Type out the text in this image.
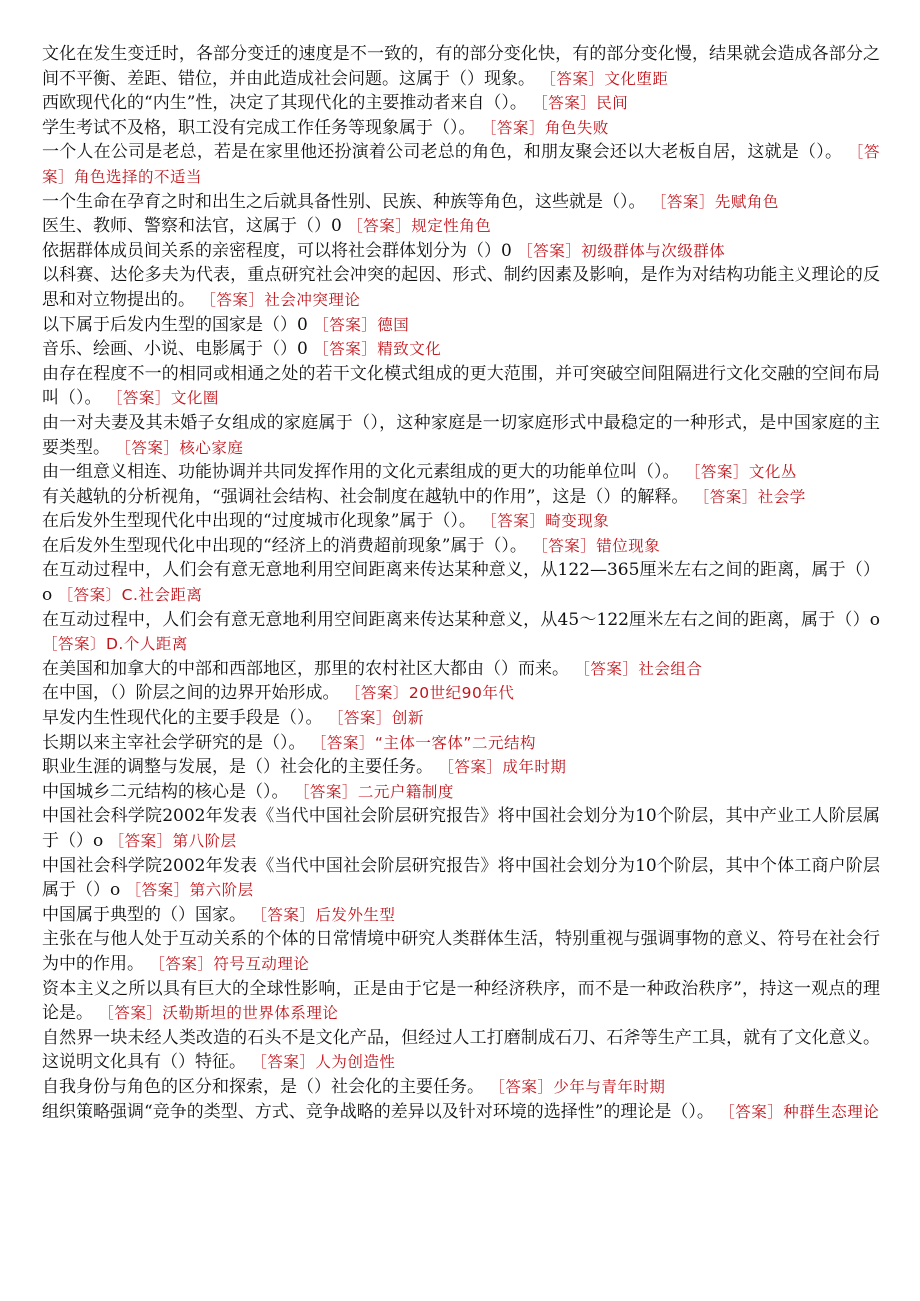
文化在发生变迁时，各部分变迁的速度是不一致的，有的部分变化快，有的部分变化慢，结果就会造成各部分之间不平衡、差距、错位，并由此造成社会问题。这属于（）现象。 ［答案］文化堕距

西欧现代化的“内生”性，决定了其现代化的主要推动者来自（）。 ［答案］民间

学生考试不及格，职工没有完成工作任务等现象属于（）。 ［答案］角色失败

一个人在公司是老总，若是在家里他还扮演着公司老总的角色，和朋友聚会还以大老板自居，这就是（）。 ［答案］角色选择的不适当

一个生命在孕育之时和出生之后就具备性别、民族、种族等角色，这些就是（）。 ［答案］先赋角色

医生、教师、警察和法官，这属于（）0 ［答案］规定性角色

依据群体成员间关系的亲密程度，可以将社会群体划分为（）0 ［答案］初级群体与次级群体

以科赛、达伦多夫为代表，重点研究社会冲突的起因、形式、制约因素及影响，是作为对结构功能主义理论的反思和对立物提出的。 ［答案］社会冲突理论

以下属于后发内生型的国家是（）0 ［答案］德国

音乐、绘画、小说、电影属于（）0 ［答案］精致文化

由存在程度不一的相同或相通之处的若干文化模式组成的更大范围，并可突破空间阻隔进行文化交融的空间布局叫（）。 ［答案］文化圈

由一对夫妻及其未婚子女组成的家庭属于（），这种家庭是一切家庭形式中最稳定的一种形式，是中国家庭的主要类型。 ［答案］核心家庭

由一组意义相连、功能协调并共同发挥作用的文化元素组成的更大的功能单位叫（）。 ［答案］文化丛

有关越轨的分析视角，“强调社会结构、社会制度在越轨中的作用”，这是（）的解释。 ［答案］社会学

在后发外生型现代化中出现的“过度城市化现象”属于（）。 ［答案］畸变现象

在后发外生型现代化中出现的“经济上的消费超前现象”属于（）。 ［答案］错位现象

在互动过程中，人们会有意无意地利用空间距离来传达某种意义，从122—365厘米左右之间的距离，属于（）o ［答案〕C.社会距离

在互动过程中，人们会有意无意地利用空间距离来传达某种意义，从45～122厘米左右之间的距离，属于（）o ［答案〕D.个人距离

在美国和加拿大的中部和西部地区，那里的农村社区大都由（）而来。 ［答案］社会组合

在中国，（）阶层之间的边界开始形成。 ［答案〕20世纪90年代

早发内生性现代化的主要手段是（）。 ［答案］创新

长期以来主宰社会学研究的是（）。 ［答案］“主体一客体”二元结构

职业生涯的调整与发展，是（）社会化的主要任务。 ［答案］成年时期

中国城乡二元结构的核心是（）。 ［答案］二元户籍制度

中国社会科学院2002年发表《当代中国社会阶层研究报告》将中国社会划分为10个阶层，其中产业工人阶层属于（）o ［答案］第八阶层

中国社会科学院2002年发表《当代中国社会阶层研究报告》将中国社会划分为10个阶层，其中个体工商户阶层属于（）o ［答案］第六阶层

中国属于典型的（）国家。 ［答案］后发外生型

主张在与他人处于互动关系的个体的日常情境中研究人类群体生活，特别重视与强调事物的意义、符号在社会行为中的作用。 ［答案］符号互动理论

资本主义之所以具有巨大的全球性影响，正是由于它是一种经济秩序，而不是一种政治秩序”，持这一观点的理论是。 ［答案］沃勒斯坦的世界体系理论

自然界一块未经人类改造的石头不是文化产品，但经过人工打磨制成石刀、石斧等生产工具，就有了文化意义。这说明文化具有（）特征。 ［答案］人为创造性

自我身份与角色的区分和探索，是（）社会化的主要任务。 ［答案］少年与青年时期

组织策略强调“竞争的类型、方式、竞争战略的差异以及针对环境的选择性”的理论是（）。 ［答案］种群生态理论
